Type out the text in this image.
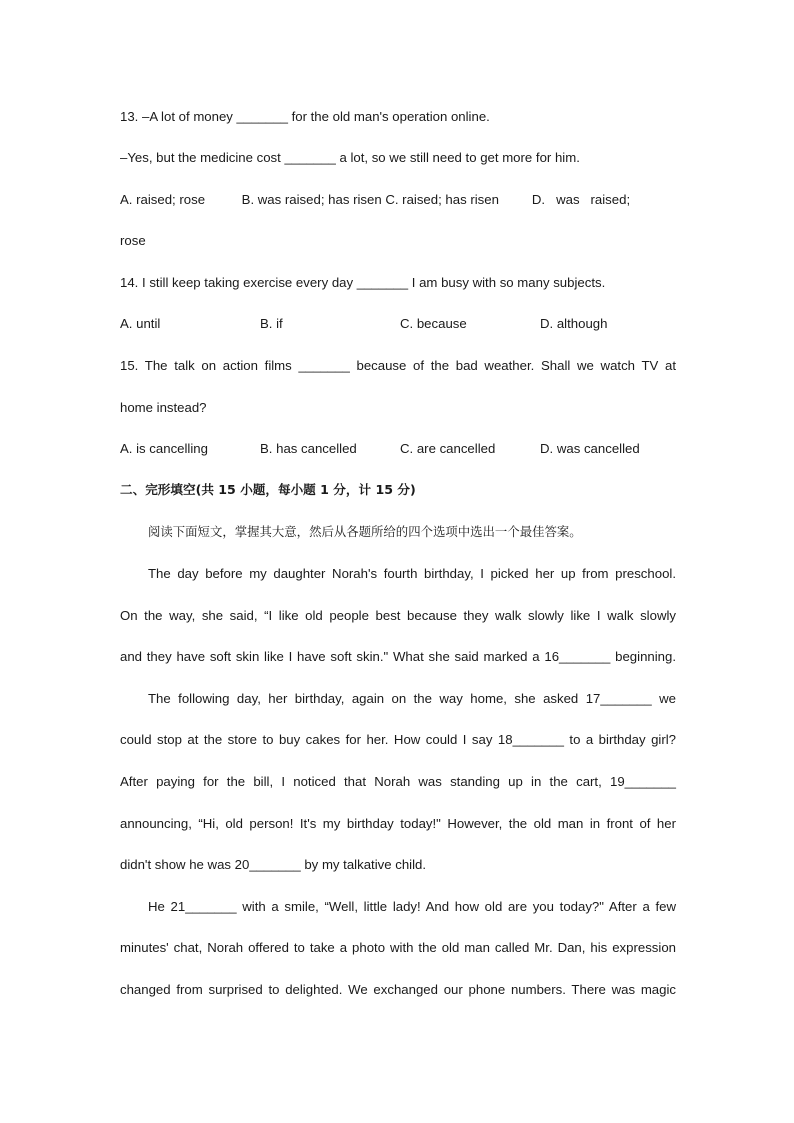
13. –A lot of money _______ for the old man's operation online.
–Yes, but the medicine cost _______ a lot, so we still need to get more for him.
A. raised; rose          B. was raised; has risen C. raised; has risen         D.   was   raised;
rose
14. I still keep taking exercise every day _______ I am busy with so many subjects.
A. until	B. if	C. because	D. although
15. The talk on action films _______ because of the bad weather. Shall we watch TV at
home instead?
A. is cancelling	B. has cancelled	C. are cancelled	D. was cancelled
二、完形填空(共 15 小题，每小题 1 分，计 15 分)
阅读下面短文，掌握其大意，然后从各题所给的四个选项中选出一个最佳答案。
The day before my daughter Norah's fourth birthday, I picked her up from preschool.
On the way, she said, “I like old people best because they walk slowly like I walk slowly
and they have soft skin like I have soft skin." What she said marked a 16_______ beginning.
The following day, her birthday, again on the way home, she asked 17_______ we
could stop at the store to buy cakes for her. How could I say 18_______ to a birthday girl?
After paying for the bill, I noticed that Norah was standing up in the cart, 19_______
announcing, “Hi, old person! It's my birthday today!" However, the old man in front of her
didn't show he was 20_______ by my talkative child.
He 21_______ with a smile, “Well, little lady! And how old are you today?" After a few
minutes' chat, Norah offered to take a photo with the old man called Mr. Dan, his expression
changed from surprised to delighted. We exchanged our phone numbers. There was magic
